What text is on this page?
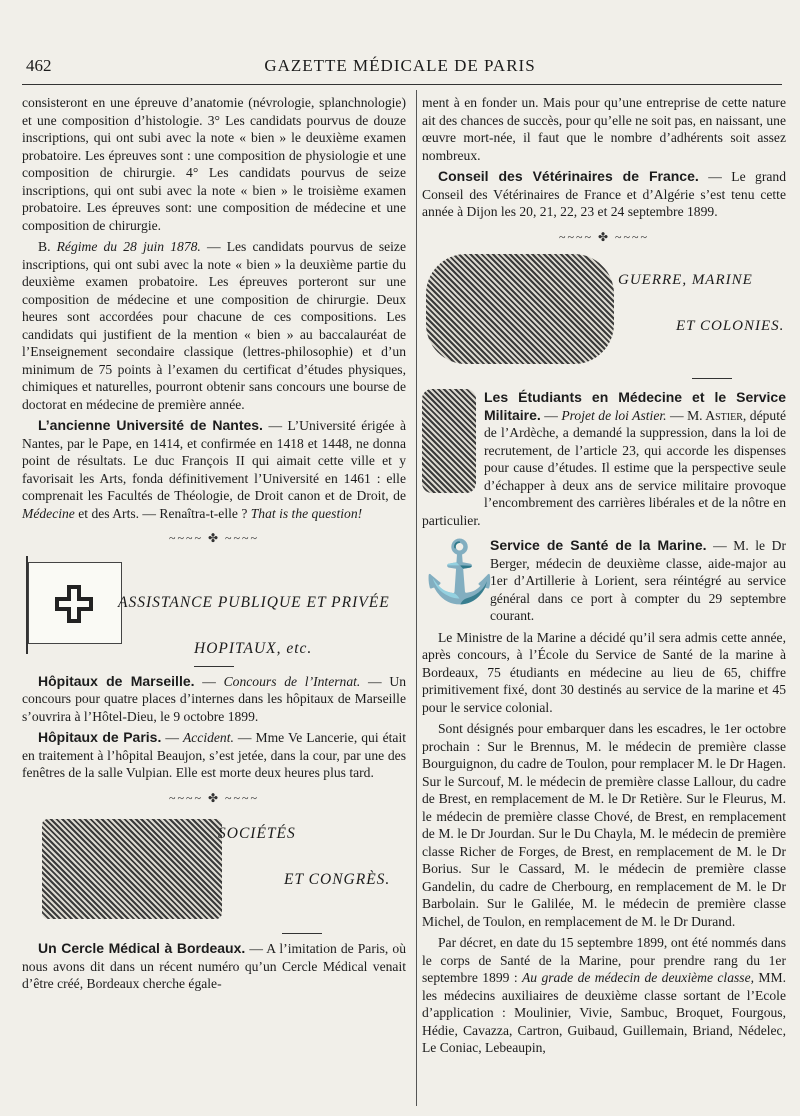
462	GAZETTE MÉDICALE DE PARIS

consisteront en une épreuve d’anatomie (névrologie, splanchnologie) et une composition d’histologie. 3° Les candidats pourvus de douze inscriptions, qui ont subi avec la note « bien » le deuxième examen probatoire. Les épreuves sont : une composition de physiologie et une composition de chirurgie. 4° Les candidats pourvus de seize inscriptions, qui ont subi avec la note « bien » le troisième examen probatoire. Les épreuves sont: une composition de médecine et une composition de chirurgie.

B. Régime du 28 juin 1878. — Les candidats pourvus de seize inscriptions, qui ont subi avec la note « bien » la deuxième partie du deuxième examen probatoire. Les épreuves porteront sur une composition de médecine et une composition de chirurgie. Deux heures sont accordées pour chacune de ces compositions. Les candidats qui justifient de la mention « bien » au baccalauréat de l’Enseignement secondaire classique (lettres-philosophie) et d’un minimum de 75 points à l’examen du certificat d’études physiques, chimiques et naturelles, pourront obtenir sans concours une bourse de doctorat en médecine de première année.

L’ancienne Université de Nantes. — L’Université érigée à Nantes, par le Pape, en 1414, et confirmée en 1418 et 1448, ne donna point de résultats. Le duc François II qui aimait cette ville et y favorisait les Arts, fonda définitivement l’Université en 1461 : elle comprenait les Facultés de Théologie, de Droit canon et de Droit, de Médecine et des Arts. — Renaîtra-t-elle ? That is the question!

~~~~ ✤ ~~~~
ASSISTANCE PUBLIQUE ET PRIVÉE
HOPITAUX, etc.

Hôpitaux de Marseille. — Concours de l’Internat. — Un concours pour quatre places d’internes dans les hôpitaux de Marseille s’ouvrira à l’Hôtel-Dieu, le 9 octobre 1899.

Hôpitaux de Paris. — Accident. — Mme Ve Lancerie, qui était en traitement à l’hôpital Beaujon, s’est jetée, dans la cour, par une des fenêtres de la salle Vulpian. Elle est morte deux heures plus tard.

~~~~ ✤ ~~~~
SOCIÉTÉS
ET CONGRÈS.

Un Cercle Médical à Bordeaux. — A l’imitation de Paris, où nous avons dit dans un récent numéro qu’un Cercle Médical venait d’être créé, Bordeaux cherche égale-

ment à en fonder un. Mais pour qu’une entreprise de cette nature ait des chances de succès, pour qu’elle ne soit pas, en naissant, une œuvre mort-née, il faut que le nombre d’adhérents soit assez nombreux.

Conseil des Vétérinaires de France. — Le grand Conseil des Vétérinaires de France et d’Algérie s’est tenu cette année à Dijon les 20, 21, 22, 23 et 24 septembre 1899.

~~~~ ✤ ~~~~
GUERRE, MARINE
ET COLONIES.

Les Étudiants en Médecine et le Service Militaire. — Projet de loi Astier. — M. Astier, député de l’Ardèche, a demandé la suppression, dans la loi de recrutement, de l’article 23, qui accorde les dispenses pour cause d’études. Il estime que la perspective seule d’échapper à deux ans de service militaire provoque l’encombrement des carrières libérales et de la nôtre en particulier.

⚓

Service de Santé de la Marine. — M. le Dr Berger, médecin de deuxième classe, aide-major au 1er d’Artillerie à Lorient, sera réintégré au service général dans ce port à compter du 29 septembre courant.

Le Ministre de la Marine a décidé qu’il sera admis cette année, après concours, à l’École du Service de Santé de la marine à Bordeaux, 75 étudiants en médecine au lieu de 65, chiffre primitivement fixé, dont 30 destinés au service de la marine et 45 pour le service colonial.

Sont désignés pour embarquer dans les escadres, le 1er octobre prochain : Sur le Brennus, M. le médecin de première classe Bourguignon, du cadre de Toulon, pour remplacer M. le Dr Hagen. Sur le Surcouf, M. le médecin de première classe Lallour, du cadre de Brest, en remplacement de M. le Dr Retière. Sur le Fleurus, M. le médecin de première classe Chové, de Brest, en remplacement de M. le Dr Jourdan. Sur le Du Chayla, M. le médecin de première classe Richer de Forges, de Brest, en remplacement de M. le Dr Borius. Sur le Cassard, M. le médecin de première classe Gandelin, du cadre de Cherbourg, en remplacement de M. le Dr Barbolain. Sur le Galilée, M. le médecin de première classe Michel, de Toulon, en remplacement de M. le Dr Durand.

Par décret, en date du 15 septembre 1899, ont été nommés dans le corps de Santé de la Marine, pour prendre rang du 1er septembre 1899 : Au grade de médecin de deuxième classe, MM. les médecins auxiliaires de deuxième classe sortant de l’Ecole d’application : Moulinier, Vivie, Sambuc, Broquet, Fourgous, Hédie, Cavazza, Cartron, Guibaud, Guillemain, Briand, Nédelec, Le Coniac, Lebeaupin,
